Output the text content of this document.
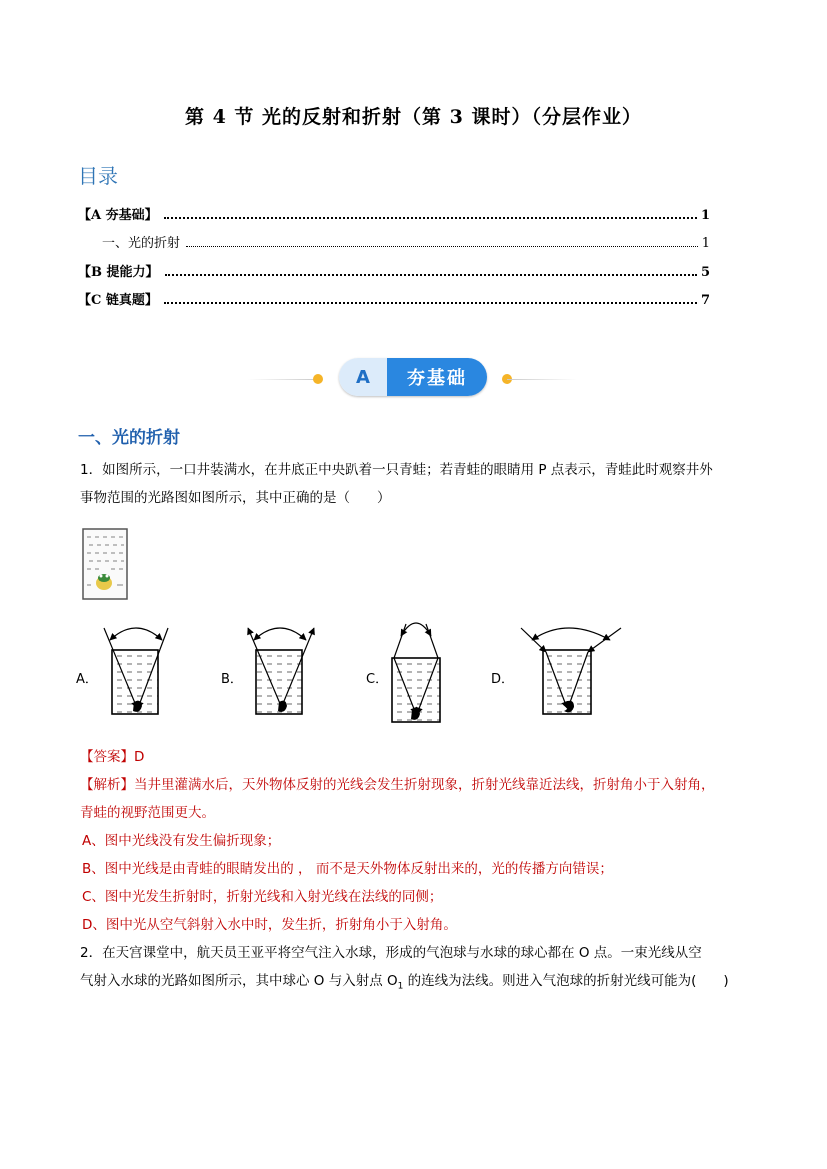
第 4 节 光的反射和折射（第 3 课时）（分层作业）
目录
【A 夯基础】	1
一、光的折射	1
【B 提能力】	5
【C 链真题】	7
A	夯基础
一、光的折射
1．如图所示，一口井装满水，在井底正中央趴着一只青蛙；若青蛙的眼睛用 P 点表示，青蛙此时观察井外
事物范围的光路图如图所示，其中正确的是（　　）
A．	B．	C．	D．
【答案】D
【解析】当井里灌满水后，天外物体反射的光线会发生折射现象，折射光线靠近法线，折射角小于入射角，
青蛙的视野范围更大。
A、图中光线没有发生偏折现象；
B、图中光线是由青蛙的眼睛发出的 ， 而不是天外物体反射出来的，光的传播方向错误；
C、图中光发生折射时，折射光线和入射光线在法线的同侧；
D、图中光从空气斜射入水中时，发生折，折射角小于入射角。
2．在天宫课堂中，航天员王亚平将空气注入水球，形成的气泡球与水球的球心都在 O 点。一束光线从空
气射入水球的光路如图所示，其中球心 O 与入射点 $O_1$ 的连线为法线。则进入气泡球的折射光线可能为(　　)
